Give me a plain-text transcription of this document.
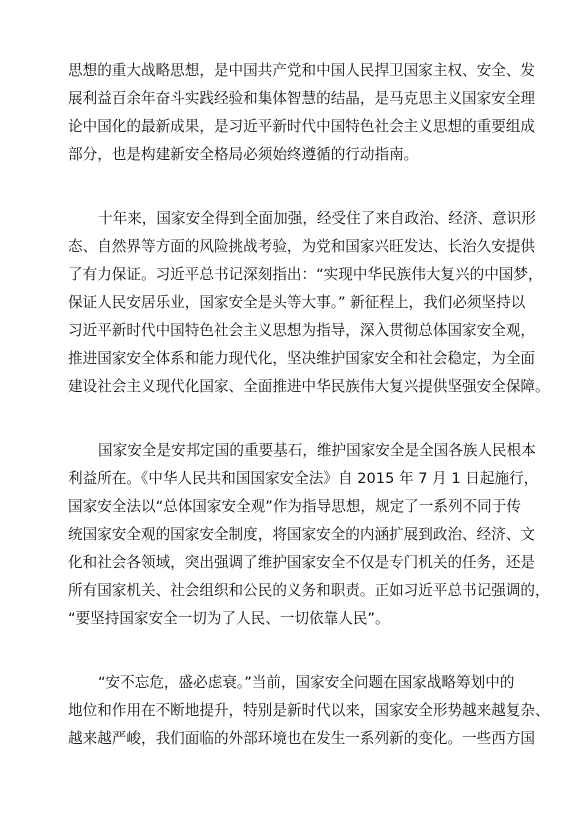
思想的重大战略思想，是中国共产党和中国人民捍卫国家主权、安全、发
展利益百余年奋斗实践经验和集体智慧的结晶，是马克思主义国家安全理
论中国化的最新成果，是习近平新时代中国特色社会主义思想的重要组成
部分，也是构建新安全格局必须始终遵循的行动指南。
十年来，国家安全得到全面加强，经受住了来自政治、经济、意识形
态、自然界等方面的风险挑战考验，为党和国家兴旺发达、长治久安提供
了有力保证。习近平总书记深刻指出：“实现中华民族伟大复兴的中国梦，
保证人民安居乐业，国家安全是头等大事。” 新征程上，我们必须坚持以
习近平新时代中国特色社会主义思想为指导，深入贯彻总体国家安全观，
推进国家安全体系和能力现代化，坚决维护国家安全和社会稳定，为全面
建设社会主义现代化国家、全面推进中华民族伟大复兴提供坚强安全保障。
国家安全是安邦定国的重要基石，维护国家安全是全国各族人民根本
利益所在。《中华人民共和国国家安全法》自 2015 年 7 月 1 日起施行，
国家安全法以“总体国家安全观”作为指导思想，规定了一系列不同于传
统国家安全观的国家安全制度，将国家安全的内涵扩展到政治、经济、文
化和社会各领域，突出强调了维护国家安全不仅是专门机关的任务，还是
所有国家机关、社会组织和公民的义务和职责。正如习近平总书记强调的，
“要坚持国家安全一切为了人民、一切依靠人民”。
“安不忘危，盛必虑衰。”当前，国家安全问题在国家战略筹划中的
地位和作用在不断地提升，特别是新时代以来，国家安全形势越来越复杂、
越来越严峻，我们面临的外部环境也在发生一系列新的变化。一些西方国
